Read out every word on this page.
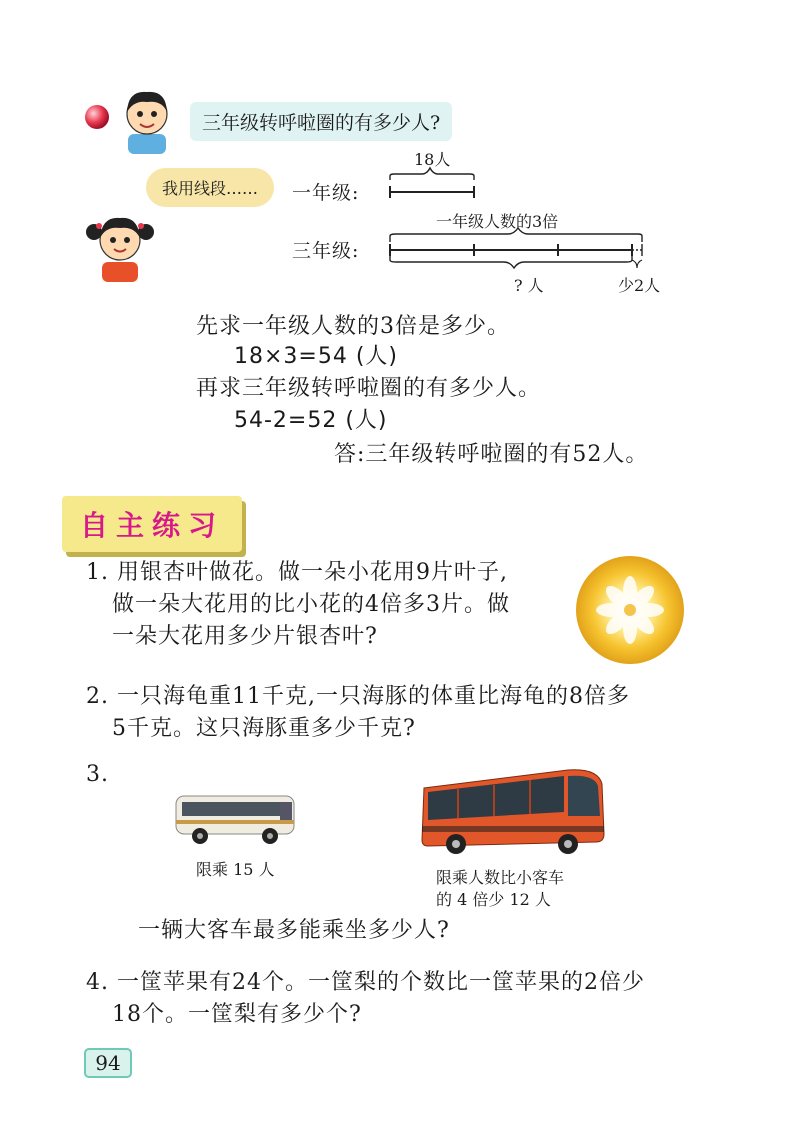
三年级转呼啦圈的有多少人?
我用线段……	一年级:
18人
三年级:
一年级人数的3倍
? 人	少2人
先求一年级人数的3倍是多少。
18×3=54 (人)
再求三年级转呼啦圈的有多少人。
54-2=52 (人)
答:三年级转呼啦圈的有52人。
自主练习
1. 用银杏叶做花。做一朵小花用9片叶子,
做一朵大花用的比小花的4倍多3片。做
一朵大花用多少片银杏叶?
2. 一只海龟重11千克,一只海豚的体重比海龟的8倍多
5千克。这只海豚重多少千克?
3.
限乘 15 人	限乘人数比小客车
的 4 倍少 12 人
一辆大客车最多能乘坐多少人?
4. 一筐苹果有24个。一筐梨的个数比一筐苹果的2倍少
18个。一筐梨有多少个?
94
